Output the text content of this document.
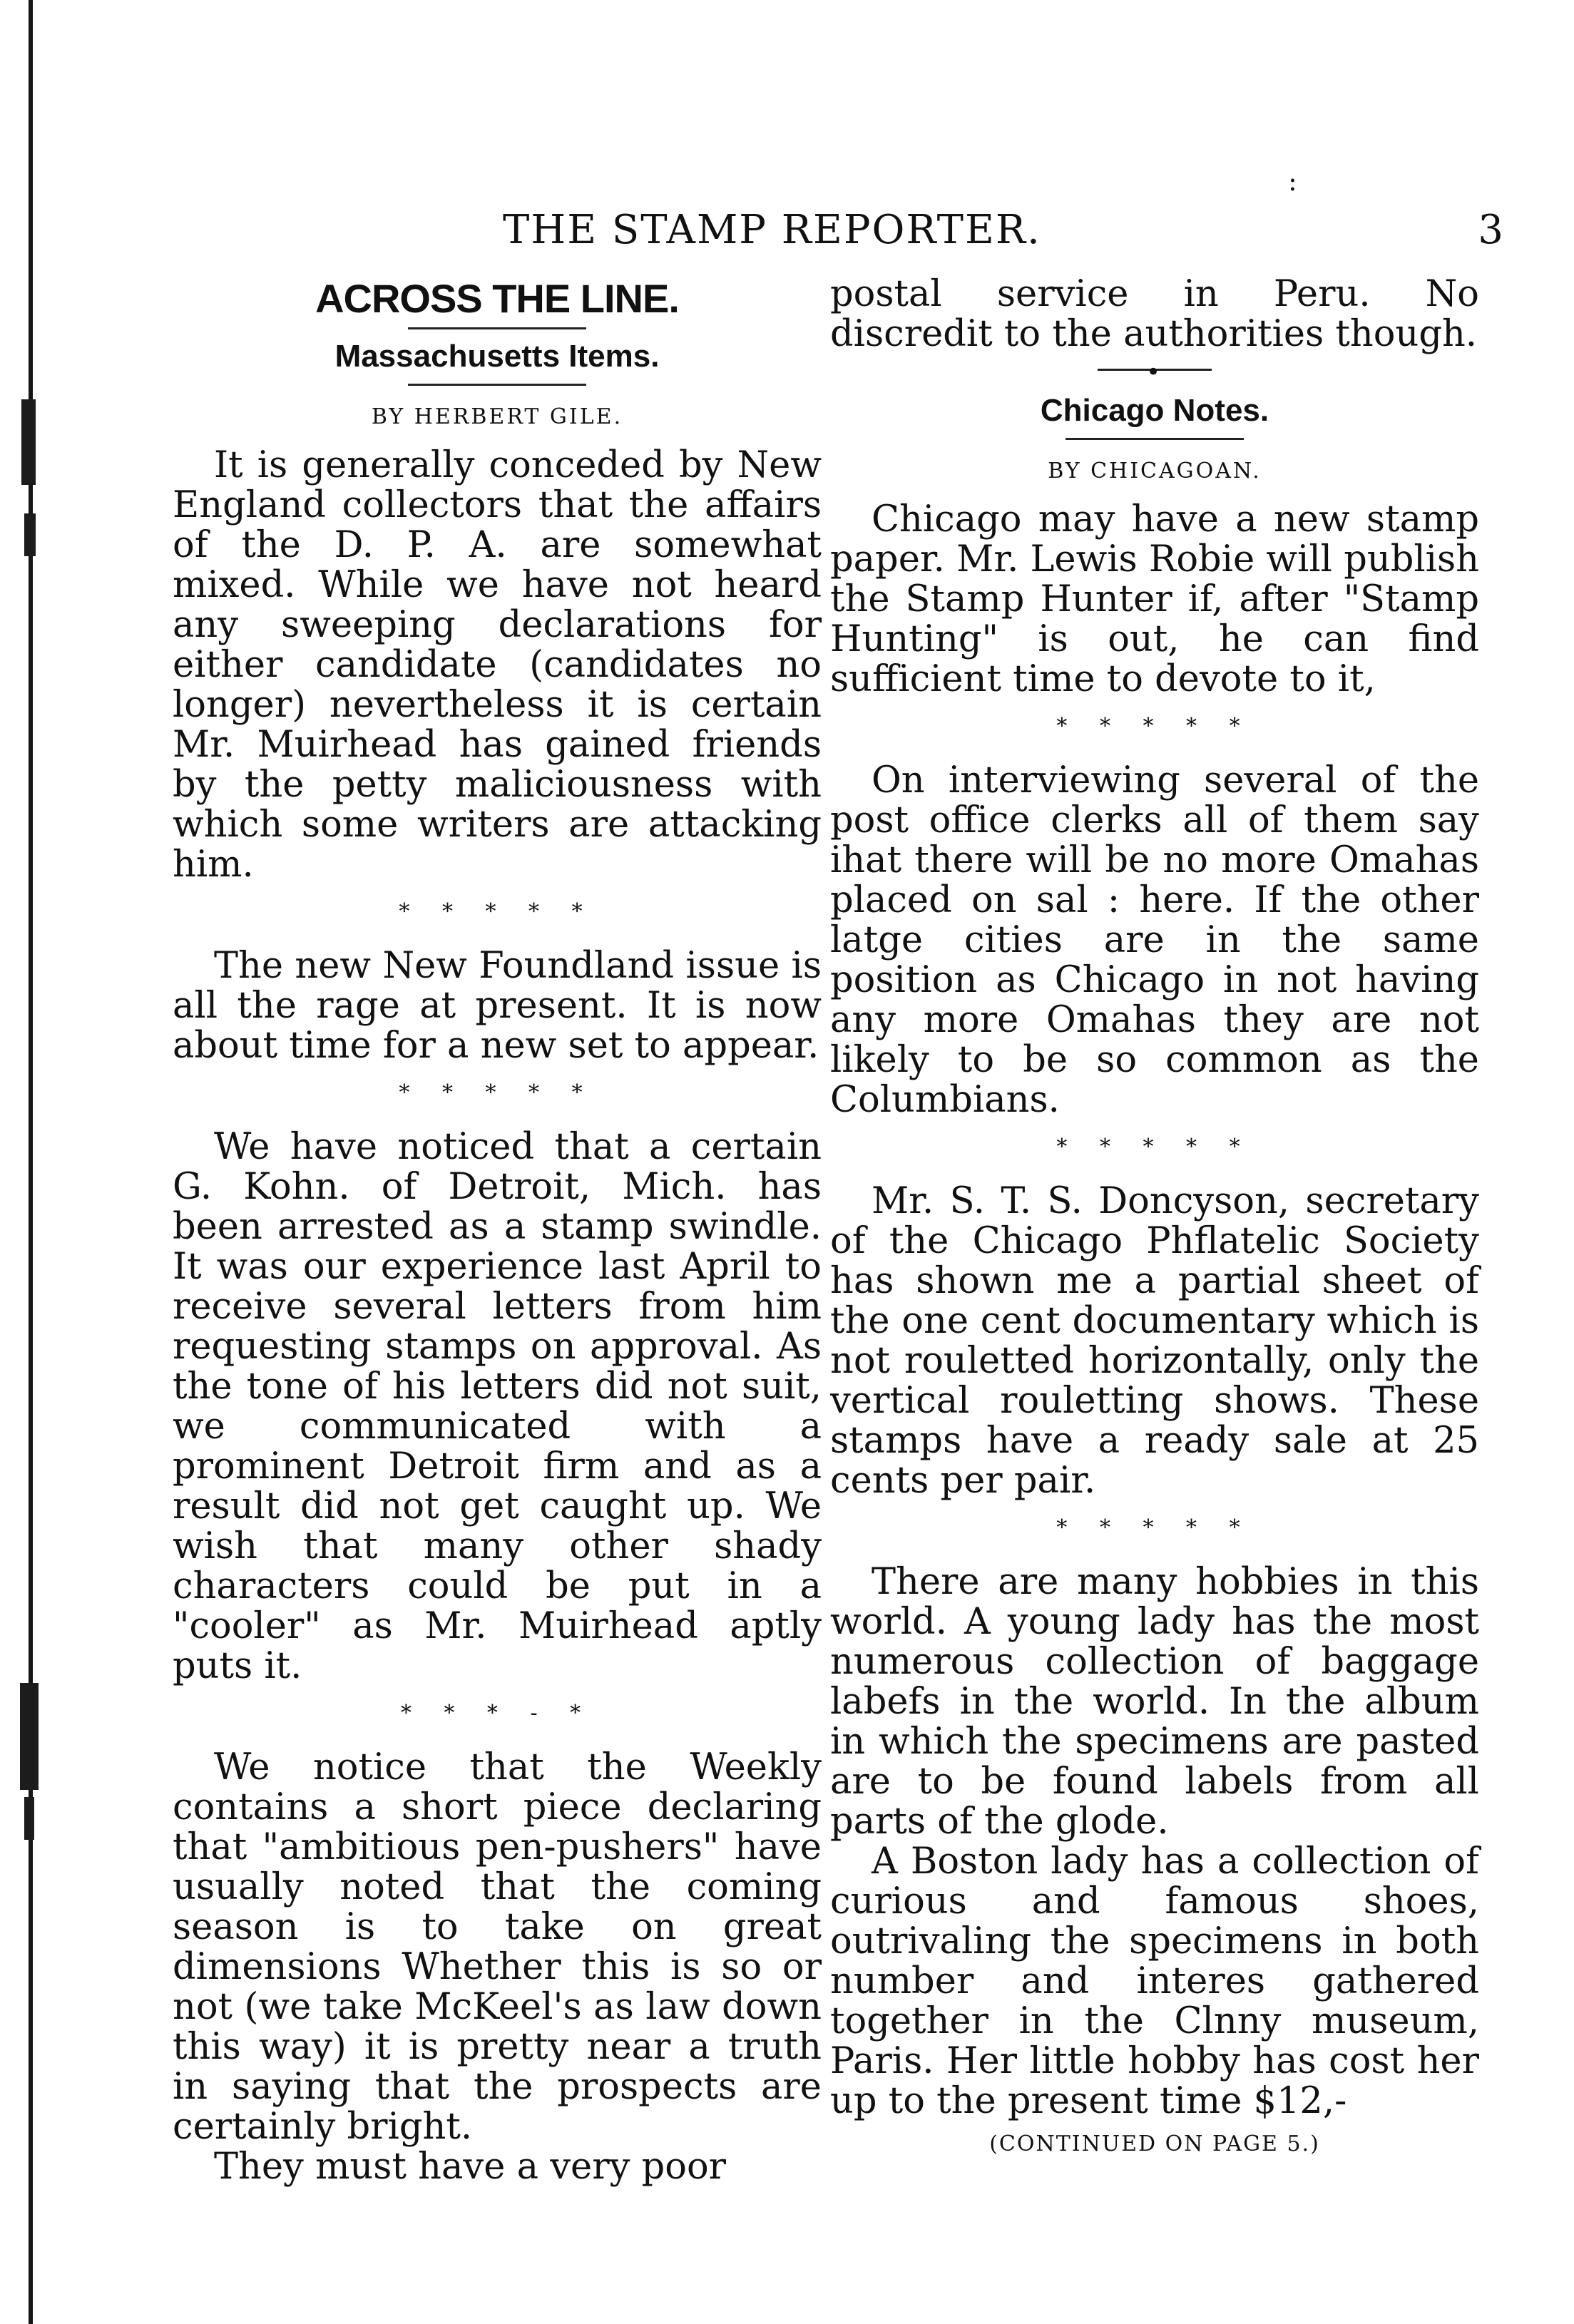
:
THE STAMP REPORTER.	3
ACROSS THE LINE.
Massachusetts Items.
BY HERBERT GILE.

It is generally conceded by New England collectors that the affairs of the D. P. A. are somewhat mixed. While we have not heard any sweeping declarations for either candidate (candidates no longer) nevertheless it is certain Mr. Muirhead has gained friends by the petty maliciousness with which some writers are attacking him.

* * * * *

The new New Foundland issue is all the rage at present. It is now about time for a new set to appear.

* * * * *

We have noticed that a certain G. Kohn. of Detroit, Mich. has been arrested as a stamp swindle. It was our experience last April to receive several letters from him requesting stamps on approval. As the tone of his letters did not suit, we communicated with a prominent Detroit firm and as a result did not get caught up. We wish that many other shady characters could be put in a "cooler" as Mr. Muirhead aptly puts it.

* * * - *

We notice that the Weekly contains a short piece declaring that "ambitious pen-pushers" have usually noted that the coming season is to take on great dimensions Whether this is so or not (we take McKeel's as law down this way) it is pretty near a truth in saying that the prospects are certainly bright.

They must have a very poor

postal service in Peru. No discredit to the authorities though.

•
Chicago Notes.
BY CHICAGOAN.

Chicago may have a new stamp paper. Mr. Lewis Robie will publish the Stamp Hunter if, after "Stamp Hunting" is out, he can find sufficient time to devote to it,

* * * * *

On interviewing several of the post office clerks all of them say ihat there will be no more Omahas placed on sal : here. If the other latge cities are in the same position as Chicago in not having any more Omahas they are not likely to be so common as the Columbians.

* * * * *

Mr. S. T. S. Doncyson, secretary of the Chicago Phflatelic Society has shown me a partial sheet of the one cent documentary which is not rouletted horizontally, only the vertical rouletting shows. These stamps have a ready sale at 25 cents per pair.

* * * * *

There are many hobbies in this world. A young lady has the most numerous collection of baggage labefs in the world. In the album in which the specimens are pasted are to be found labels from all parts of the glode.

A Boston lady has a collection of curious and famous shoes, outrivaling the specimens in both number and interes gathered together in the Clnny museum, Paris. Her little hobby has cost her up to the present time $12,-

(CONTINUED ON PAGE 5.)
